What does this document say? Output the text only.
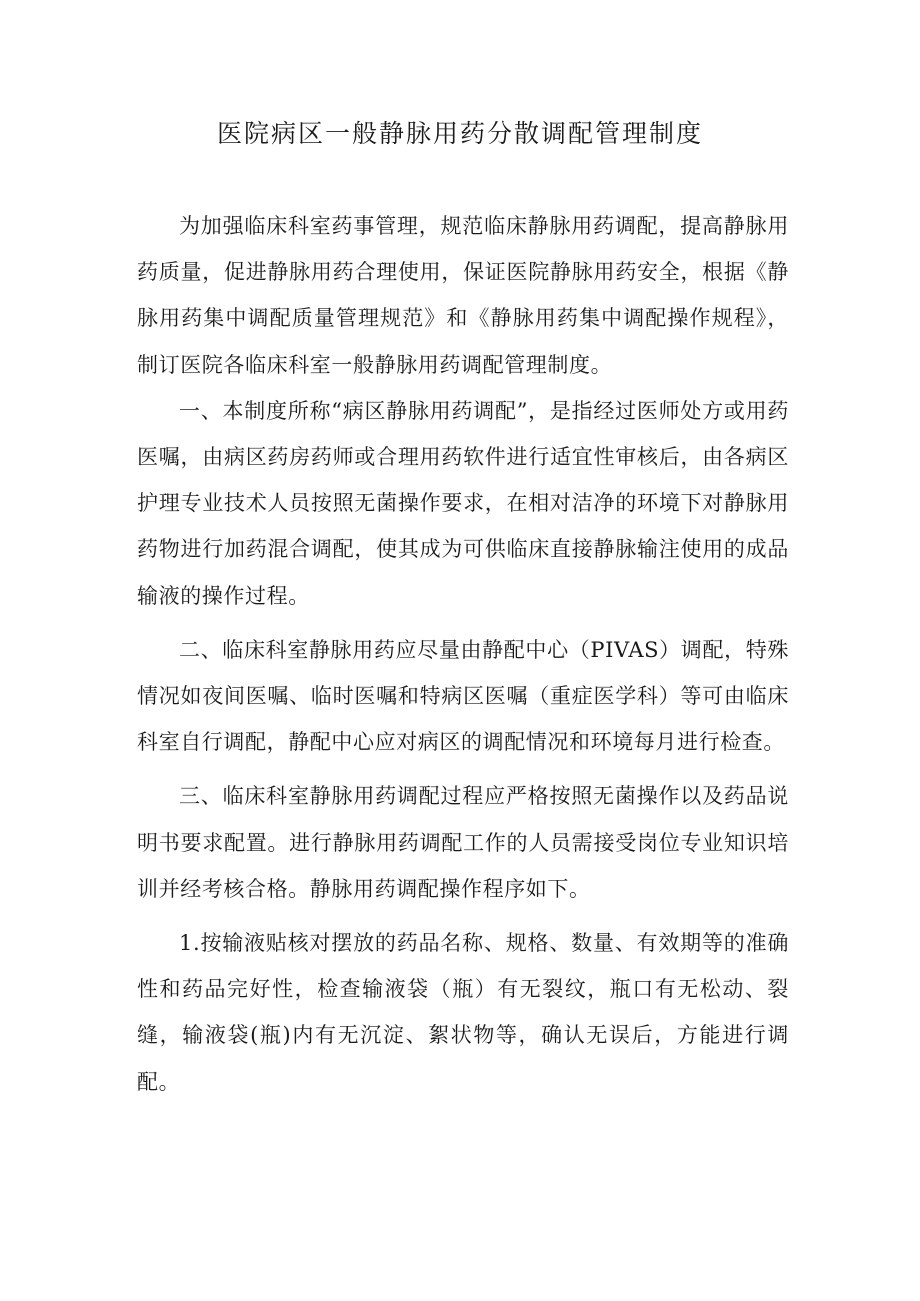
医院病区一般静脉用药分散调配管理制度

为加强临床科室药事管理，规范临床静脉用药调配，提高静脉用药质量，促进静脉用药合理使用，保证医院静脉用药安全，根据《静脉用药集中调配质量管理规范》和《静脉用药集中调配操作规程》，制订医院各临床科室一般静脉用药调配管理制度。

一、本制度所称“病区静脉用药调配”，是指经过医师处方或用药医嘱，由病区药房药师或合理用药软件进行适宜性审核后，由各病区护理专业技术人员按照无菌操作要求，在相对洁净的环境下对静脉用药物进行加药混合调配，使其成为可供临床直接静脉输注使用的成品输液的操作过程。

二、临床科室静脉用药应尽量由静配中心（PIVAS）调配，特殊情况如夜间医嘱、临时医嘱和特病区医嘱（重症医学科）等可由临床科室自行调配，静配中心应对病区的调配情况和环境每月进行检查。

三、临床科室静脉用药调配过程应严格按照无菌操作以及药品说明书要求配置。进行静脉用药调配工作的人员需接受岗位专业知识培训并经考核合格。静脉用药调配操作程序如下。

1.按输液贴核对摆放的药品名称、规格、数量、有效期等的准确性和药品完好性，检查输液袋（瓶）有无裂纹，瓶口有无松动、裂缝，输液袋(瓶)内有无沉淀、絮状物等，确认无误后，方能进行调配。
